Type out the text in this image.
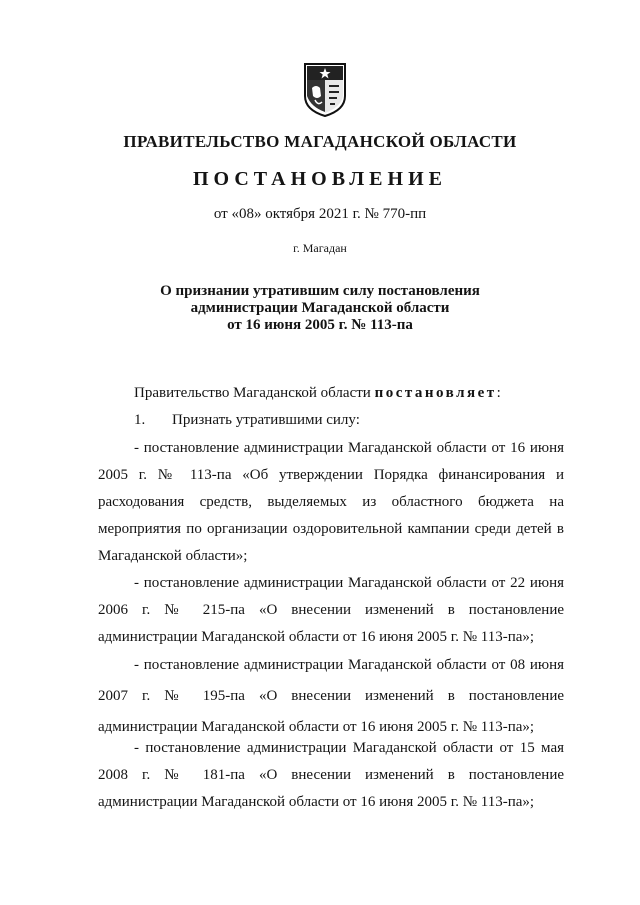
ПРАВИТЕЛЬСТВО МАГАДАНСКОЙ ОБЛАСТИ
ПОСТАНОВЛЕНИЕ
от «08» октября 2021 г. № 770-пп
г. Магадан
О признании утратившим силу постановления
администрации Магаданской области
от 16 июня 2005 г. № 113-па
Правительство Магаданской области постановляет:
1. Признать утратившими силу:
- постановление администрации Магаданской области от 16 июня 2005 г. № 113-па «Об утверждении Порядка финансирования и расходования средств, выделяемых из областного бюджета на мероприятия по организации оздоровительной кампании среди детей в Магаданской области»;
- постановление администрации Магаданской области от 22 июня 2006 г. № 215-па «О внесении изменений в постановление администрации Магаданской области от 16 июня 2005 г. № 113-па»;
- постановление администрации Магаданской области от 08 июня 2007 г. № 195-па «О внесении изменений в постановление администрации Магаданской области от 16 июня 2005 г. № 113-па»;
- постановление администрации Магаданской области от 15 мая 2008 г. № 181-па «О внесении изменений в постановление администрации Магаданской области от 16 июня 2005 г. № 113-па»;
